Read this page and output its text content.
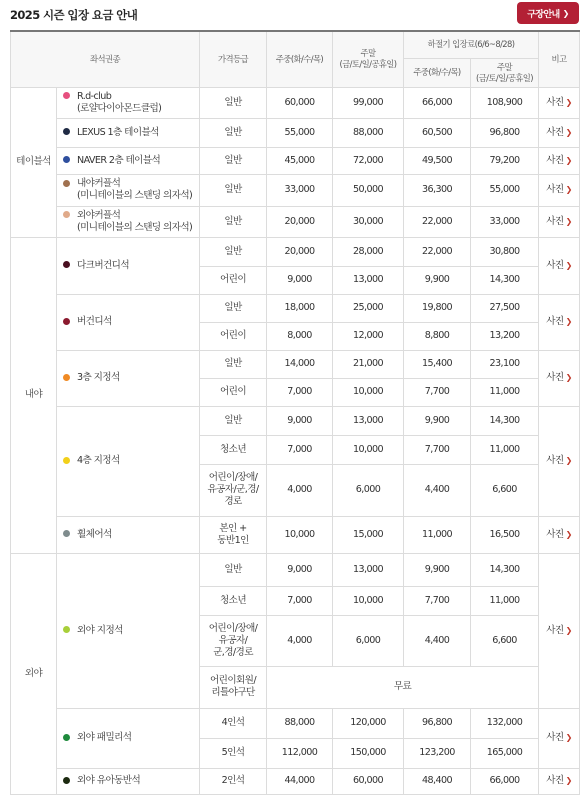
2025 시즌 입장 요금 안내	구장안내 ❯
좌석권종		가격등급	주중(화/수/목)	주말
(금/토/일/공휴일)	하절기 입장료(6/6~8/28)		비고
					주중(화/수/목)	주말
(금/토/일/공휴일)	
테이블석	R.d-club
(로얄다이아몬드클럽)	일반	60,000	99,000	66,000	108,900	사진 ❯
	LEXUS 1층 테이블석	일반	55,000	88,000	60,500	96,800	사진 ❯
	NAVER 2층 테이블석	일반	45,000	72,000	49,500	79,200	사진 ❯
	내야커플석
(미니테이블의 스탠딩 의자석)	일반	33,000	50,000	36,300	55,000	사진 ❯
	외야커플석
(미니테이블의 스탠딩 의자석)	일반	20,000	30,000	22,000	33,000	사진 ❯
내야	다크버건디석	일반	20,000	28,000	22,000	30,800	사진 ❯
		어린이	9,000	13,000	9,900	14,300	
	버건디석	일반	18,000	25,000	19,800	27,500	사진 ❯
		어린이	8,000	12,000	8,800	13,200	
	3층 지정석	일반	14,000	21,000	15,400	23,100	사진 ❯
		어린이	7,000	10,000	7,700	11,000	
	4층 지정석	일반	9,000	13,000	9,900	14,300	사진 ❯
		청소년	7,000	10,000	7,700	11,000	
		어린이/장애/
유공자/군,경/
경로	4,000	6,000	4,400	6,600	
	휠체어석	본인 +
동반1인	10,000	15,000	11,000	16,500	사진 ❯
외야	외야 지정석	일반	9,000	13,000	9,900	14,300	사진 ❯
		청소년	7,000	10,000	7,700	11,000	
		어린이/장애/
유공자/
군,경/경로	4,000	6,000	4,400	6,600	
		어린이회원/
리틀야구단	무료				
	외야 패밀리석	4인석	88,000	120,000	96,800	132,000	사진 ❯
		5인석	112,000	150,000	123,200	165,000	
	외야 유아동반석	2인석	44,000	60,000	48,400	66,000	사진 ❯
